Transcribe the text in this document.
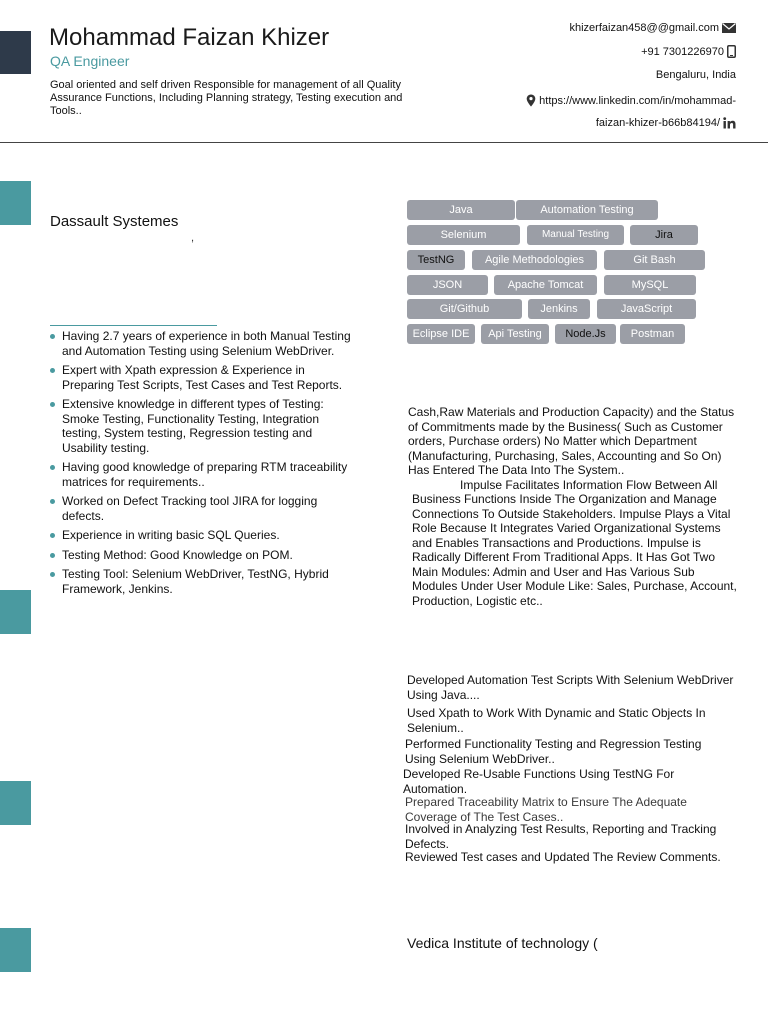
Mohammad Faizan Khizer
QA Engineer
Goal oriented and self driven Responsible for management of all Quality Assurance Functions, Including Planning strategy, Testing execution and Tools..
khizerfaizan458@@gmail.com
+91 7301226970
Bengaluru, India
https://www.linkedin.com/in/mohammad-
faizan-khizer-b66b84194/
Dassault Systemes
,
Having 2.7 years of experience in both Manual Testing and Automation Testing using Selenium WebDriver.
Expert with Xpath expression & Experience in Preparing Test Scripts, Test Cases and Test Reports.
Extensive knowledge in different types of Testing: Smoke Testing, Functionality Testing, Integration testing, System testing, Regression testing and Usability testing.
Having good knowledge of preparing RTM traceability matrices for requirements..
Worked on Defect Tracking tool JIRA for logging defects.
Experience in writing basic SQL Queries.
Testing Method: Good Knowledge on POM.
Testing Tool: Selenium WebDriver, TestNG, Hybrid Framework, Jenkins.
Java	Automation Testing
Selenium	Manual Testing	Jira
TestNG	Agile Methodologies	Git Bash
JSON	Apache Tomcat	MySQL
Git/Github	Jenkins	JavaScript
Eclipse IDE	Api Testing	Node.Js	Postman

Cash,Raw Materials and Production Capacity) and the Status of Commitments made by the Business( Such as Customer orders, Purchase orders) No Matter which Department (Manufacturing, Purchasing, Sales, Accounting and So On) Has Entered The Data Into The System..

Impulse Facilitates Information Flow Between All Business Functions Inside The Organization and Manage Connections To Outside Stakeholders. Impulse Plays a Vital Role Because It Integrates Varied Organizational Systems and Enables Transactions and Productions. Impulse is Radically Different From Traditional Apps. It Has Got Two Main Modules: Admin and User and Has Various Sub Modules Under User Module Like: Sales, Purchase, Account, Production, Logistic etc..

Developed Automation Test Scripts With Selenium WebDriver Using Java....
Used Xpath to Work With Dynamic and Static Objects In Selenium..
Performed Functionality Testing and Regression Testing Using Selenium WebDriver..
Developed Re-Usable Functions Using TestNG For Automation.
Prepared Traceability Matrix to Ensure The Adequate Coverage of The Test Cases..
Involved in Analyzing Test Results, Reporting and Tracking Defects.
Reviewed Test cases and Updated The Review Comments.
Vedica Institute of technology (
